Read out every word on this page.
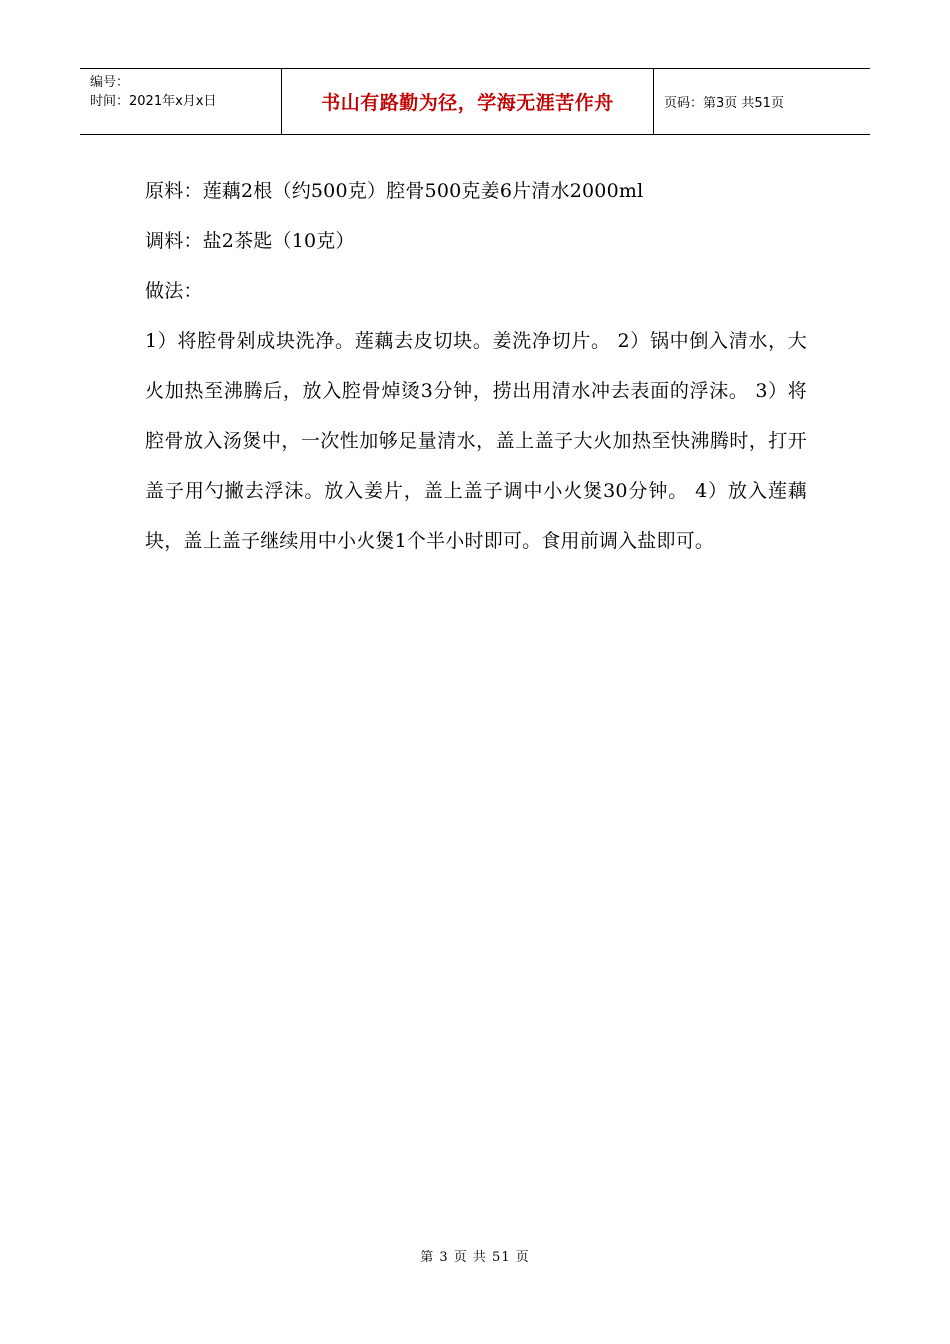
编号：
时间：2021年x月x日	书山有路勤为径，学海无涯苦作舟	页码：第3页 共51页

原料：莲藕2根（约500克）腔骨500克姜6片清水2000ml

调料：盐2茶匙（10克）

做法：

1）将腔骨剁成块洗净。莲藕去皮切块。姜洗净切片。 2）锅中倒入清水，大火加热至沸腾后，放入腔骨焯烫3分钟，捞出用清水冲去表面的浮沫。 3）将腔骨放入汤煲中，一次性加够足量清水，盖上盖子大火加热至快沸腾时，打开盖子用勺撇去浮沫。放入姜片，盖上盖子调中小火煲30分钟。 4）放入莲藕块，盖上盖子继续用中小火煲1个半小时即可。食用前调入盐即可。

第 3 页 共 51 页
